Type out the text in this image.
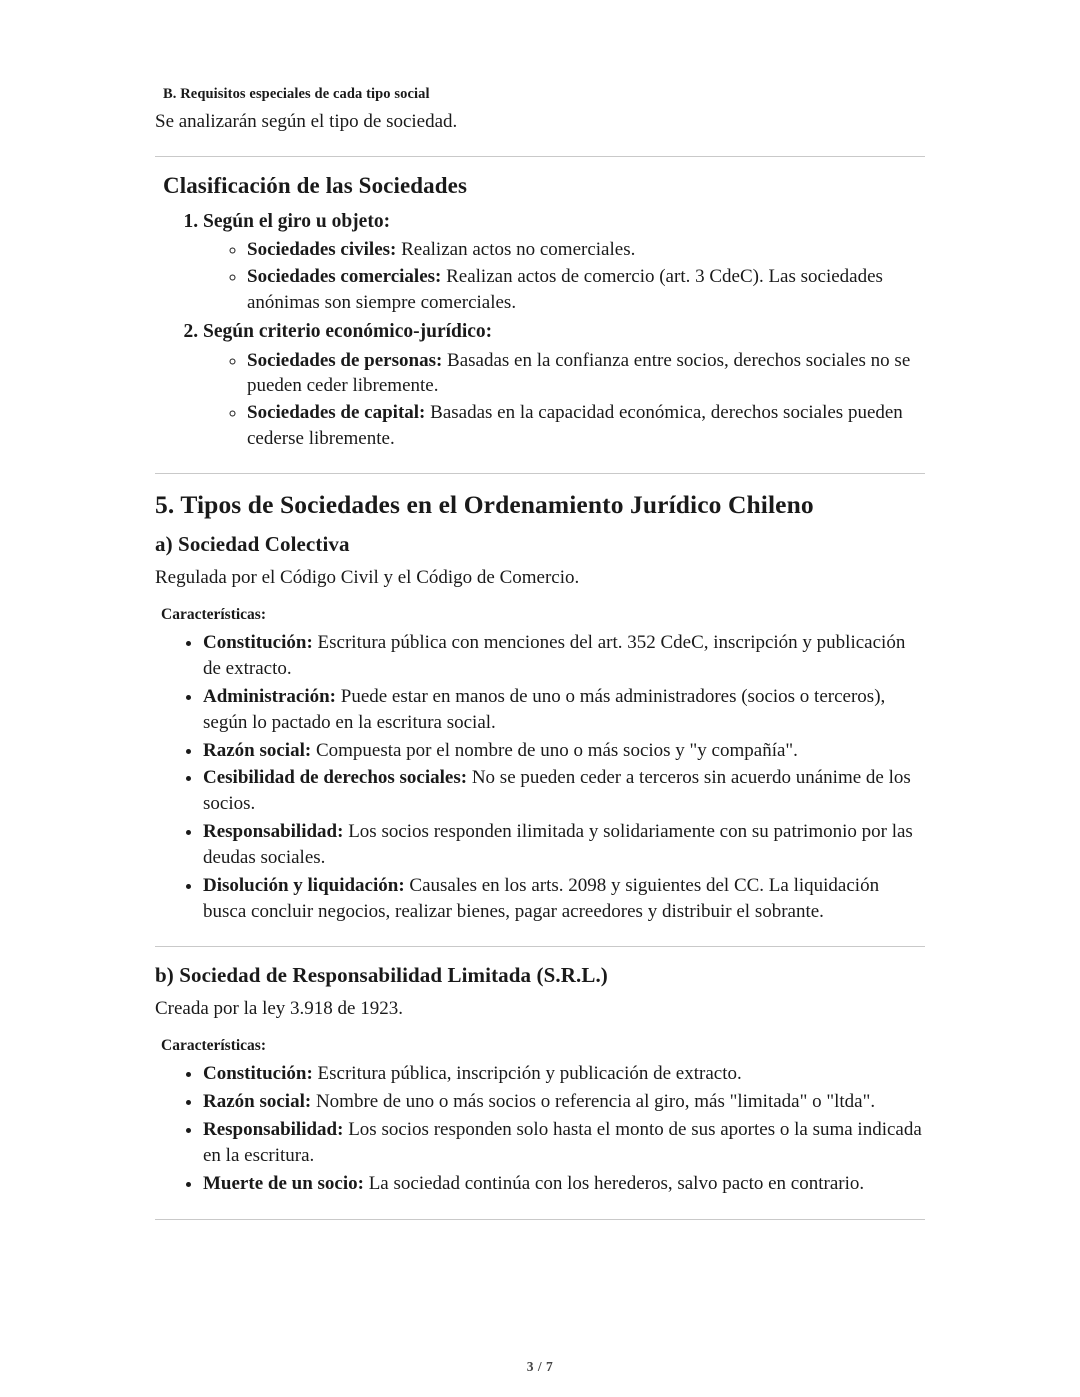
B. Requisitos especiales de cada tipo social

Se analizarán según el tipo de sociedad.

Clasificación de las Sociedades
1. Según el giro u objeto:
◦ Sociedades civiles: Realizan actos no comerciales.
◦ Sociedades comerciales: Realizan actos de comercio (art. 3 CdeC). Las sociedades anónimas son siempre comerciales.
2. Según criterio económico-jurídico:
◦ Sociedades de personas: Basadas en la confianza entre socios, derechos sociales no se pueden ceder libremente.
◦ Sociedades de capital: Basadas en la capacidad económica, derechos sociales pueden cederse libremente.
5. Tipos de Sociedades en el Ordenamiento Jurídico Chileno
a) Sociedad Colectiva

Regulada por el Código Civil y el Código de Comercio.

Características:
• Constitución: Escritura pública con menciones del art. 352 CdeC, inscripción y publicación de extracto.
• Administración: Puede estar en manos de uno o más administradores (socios o terceros), según lo pactado en la escritura social.
• Razón social: Compuesta por el nombre de uno o más socios y "y compañía".
• Cesibilidad de derechos sociales: No se pueden ceder a terceros sin acuerdo unánime de los socios.
• Responsabilidad: Los socios responden ilimitada y solidariamente con su patrimonio por las deudas sociales.
• Disolución y liquidación: Causales en los arts. 2098 y siguientes del CC. La liquidación busca concluir negocios, realizar bienes, pagar acreedores y distribuir el sobrante.
b) Sociedad de Responsabilidad Limitada (S.R.L.)

Creada por la ley 3.918 de 1923.

Características:
• Constitución: Escritura pública, inscripción y publicación de extracto.
• Razón social: Nombre de uno o más socios o referencia al giro, más "limitada" o "ltda".
• Responsabilidad: Los socios responden solo hasta el monto de sus aportes o la suma indicada en la escritura.
• Muerte de un socio: La sociedad continúa con los herederos, salvo pacto en contrario.
3 / 7
